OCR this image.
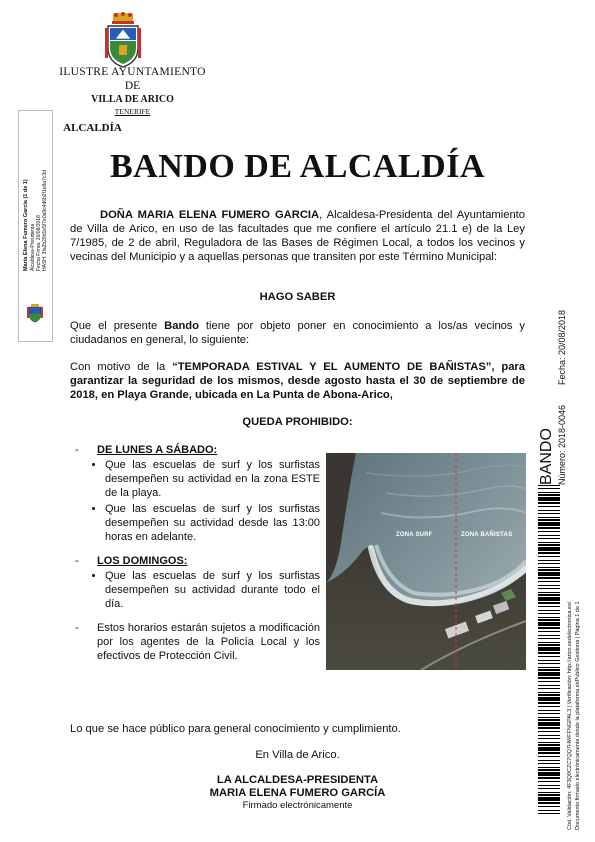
ILUSTRE AYUNTAMIENTO
DE
VILLA DE ARICO
TENERIFE
ALCALDÍA
María Elena Fumero García (1 de 1) Alcaldesa-Presidenta Fecha Firma: 20/08/2018 HASH: 3fa2b28d1e5f7e0a9c4d6b2f1e8a7c3d
BANDO DE ALCALDÍA
DOÑA MARIA ELENA FUMERO GARCIA, Alcaldesa-Presidenta del Ayuntamiento de Villa de Arico, en uso de las facultades que me confiere el artículo 21.1 e) de la Ley 7/1985, de 2 de abril, Reguladora de las Bases de Régimen Local, a todos los vecinos y vecinas del Municipio y a aquellas personas que transiten por este Término Municipal:
HAGO SABER
Que el presente Bando tiene por objeto poner en conocimiento a los/as vecinos y ciudadanos en general, lo siguiente:
Con motivo de la “TEMPORADA ESTIVAL Y EL AUMENTO DE BAÑISTAS”, para garantizar la seguridad de los mismos, desde agosto hasta el 30 de septiembre de 2018, en Playa Grande, ubicada en La Punta de Abona-Arico,
QUEDA PROHIBIDO:
-	DE LUNES A SÁBADO:
• Que las escuelas de surf y los surfistas desempeñen su actividad en la zona ESTE de la playa.
• Que las escuelas de surf y los surfistas desempeñen su actividad desde las 13:00 horas en adelante.
-	LOS DOMINGOS:
• Que las escuelas de surf y los surfistas desempeñen su actividad durante todo el día.
-	Estos horarios estarán sujetos a modificación por los agentes de la Policía Local y los efectivos de Protección Civil.
ZONA SURF	ZONA BAÑISTAS
Lo que se hace público para general conocimiento y cumplimiento.
En Villa de Arico.
LA ALCALDESA-PRESIDENTA
MARIA ELENA FUMERO GARCÍA
Firmado electrónicamente
BANDO Número: 2018-0046
Fecha: 20/08/2018
Cód. Validación: 4F3Q9CZC7QQ7HWFFNGPAL3 | Verificación: http://arico.sedelectronica.es/ Documento firmado electrónicamente desde la plataforma esPublico Gestiona | Página 1 de 1
